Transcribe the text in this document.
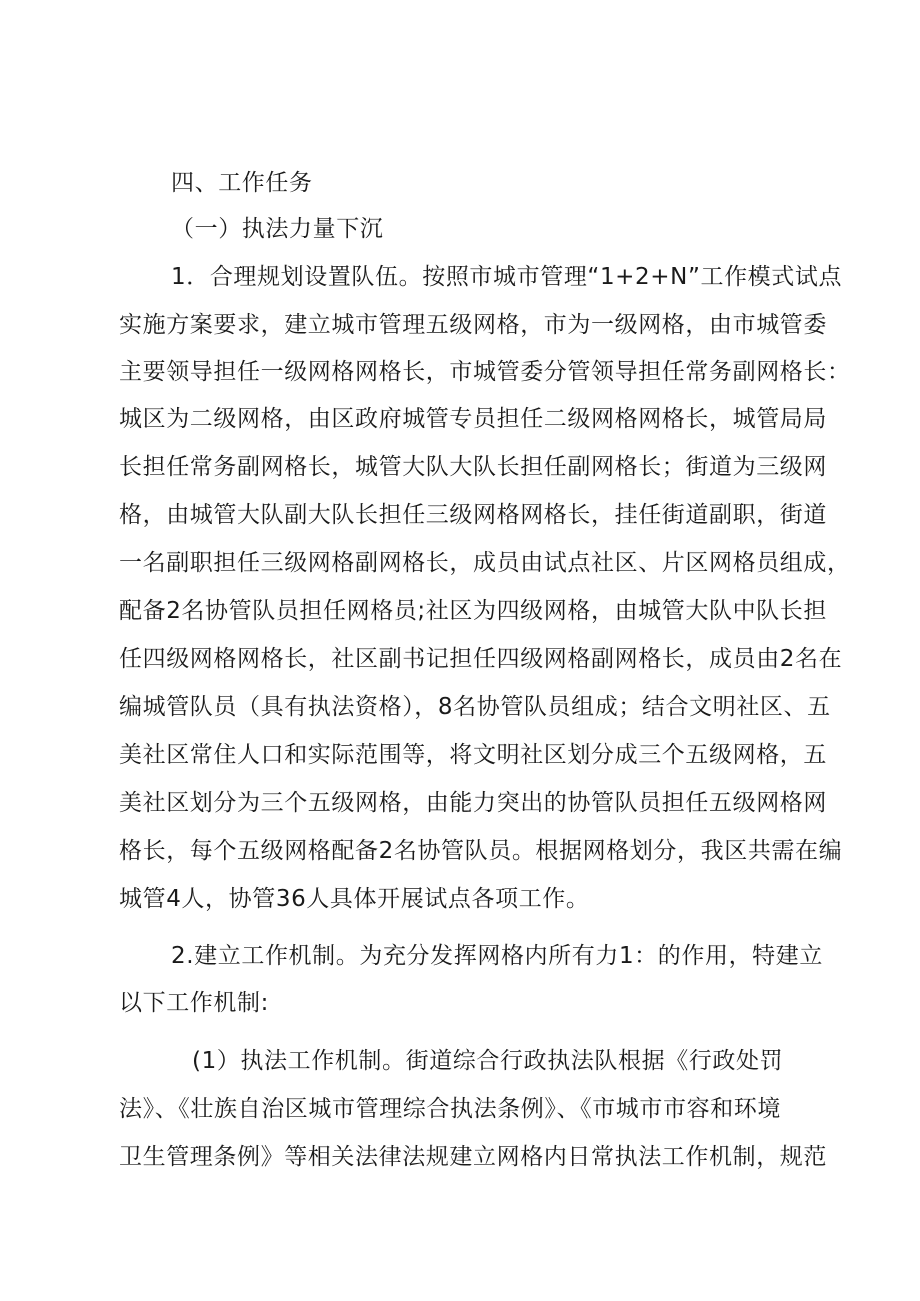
四、工作任务
（一）执法力量下沉
1．合理规划设置队伍。按照市城市管理“1+2+N”工作模式试点
实施方案要求，建立城市管理五级网格，市为一级网格，由市城管委
主要领导担任一级网格网格长，市城管委分管领导担任常务副网格长：
城区为二级网格，由区政府城管专员担任二级网格网格长，城管局局
长担任常务副网格长，城管大队大队长担任副网格长；街道为三级网
格，由城管大队副大队长担任三级网格网格长，挂任街道副职，街道
一名副职担任三级网格副网格长，成员由试点社区、片区网格员组成，
配备2名协管队员担任网格员;社区为四级网格，由城管大队中队长担
任四级网格网格长，社区副书记担任四级网格副网格长，成员由2名在
编城管队员（具有执法资格），8名协管队员组成；结合文明社区、五
美社区常住人口和实际范围等，将文明社区划分成三个五级网格，五
美社区划分为三个五级网格，由能力突出的协管队员担任五级网格网
格长，每个五级网格配备2名协管队员。根据网格划分，我区共需在编
城管4人，协管36人具体开展试点各项工作。
2.建立工作机制。为充分发挥网格内所有力1：的作用，特建立
以下工作机制:
(1）执法工作机制。街道综合行政执法队根据《行政处罚
法》、《壮族自治区城市管理综合执法条例》、《市城市市容和环境
卫生管理条例》等相关法律法规建立网格内日常执法工作机制，规范
